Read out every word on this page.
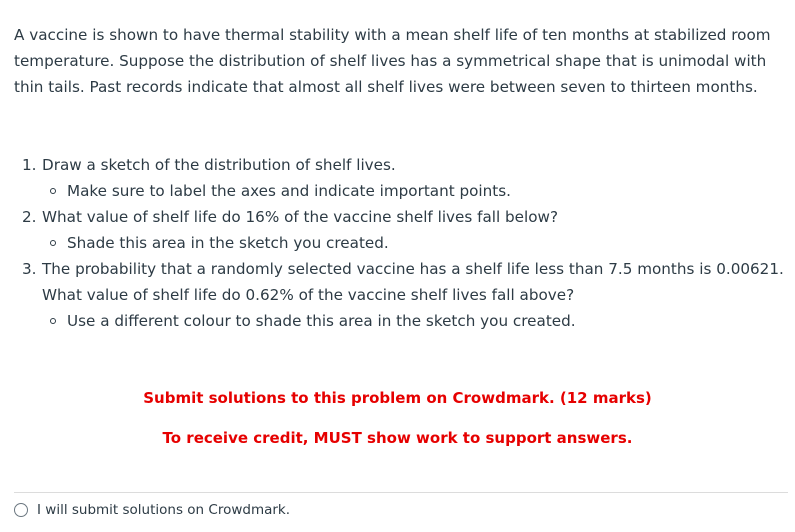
A vaccine is shown to have thermal stability with a mean shelf life of ten months at stabilized room temperature. Suppose the distribution of shelf lives has a symmetrical shape that is unimodal with thin tails. Past records indicate that almost all shelf lives were between seven to thirteen months.

1. Draw a sketch of the distribution of shelf lives.
Make sure to label the axes and indicate important points.
2. What value of shelf life do 16% of the vaccine shelf lives fall below?
Shade this area in the sketch you created.
3. The probability that a randomly selected vaccine has a shelf life less than 7.5 months is 0.00621. What value of shelf life do 0.62% of the vaccine shelf lives fall above?
Use a different colour to shade this area in the sketch you created.
Submit solutions to this problem on Crowdmark. (12 marks)
To receive credit, MUST show work to support answers.
I will submit solutions on Crowdmark.
